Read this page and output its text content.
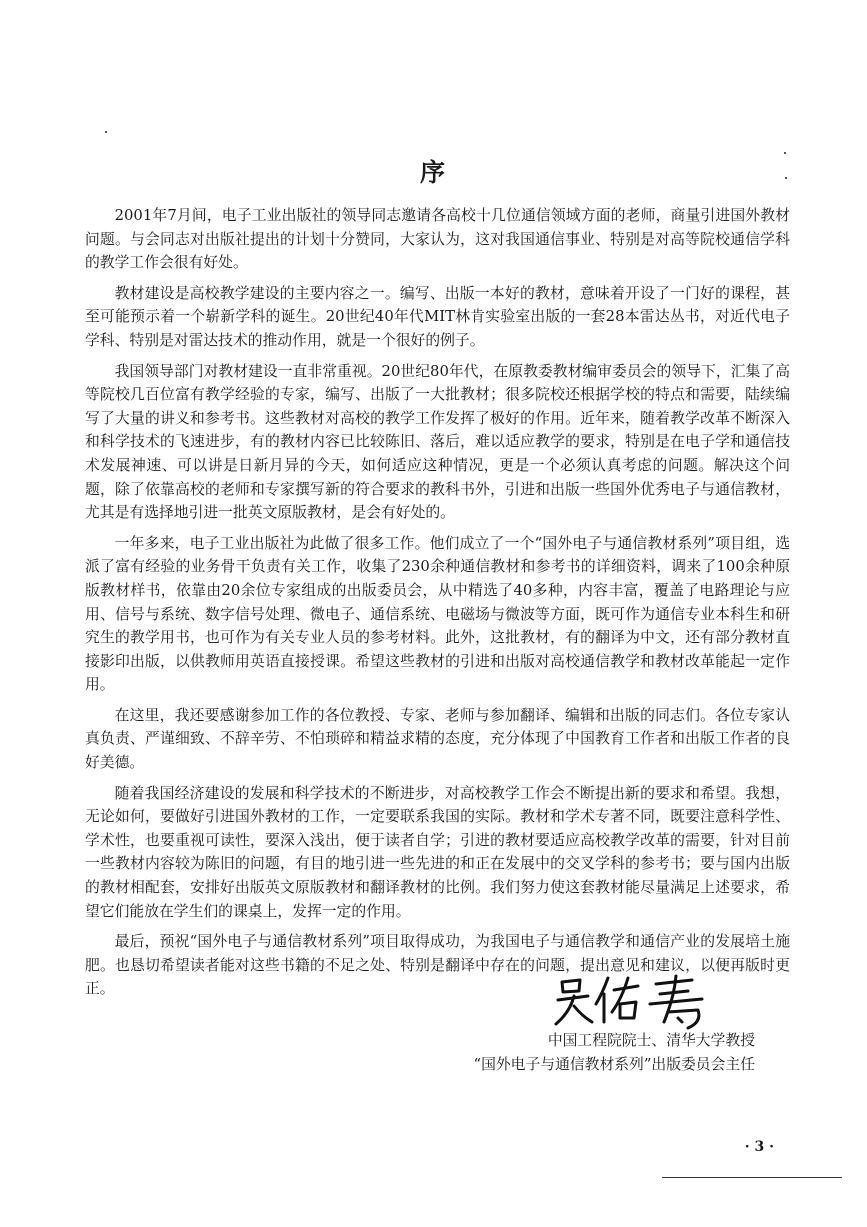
序

2001年7月间，电子工业出版社的领导同志邀请各高校十几位通信领域方面的老师，商量引进国外教材问题。与会同志对出版社提出的计划十分赞同，大家认为，这对我国通信事业、特别是对高等院校通信学科的教学工作会很有好处。

教材建设是高校教学建设的主要内容之一。编写、出版一本好的教材，意味着开设了一门好的课程，甚至可能预示着一个崭新学科的诞生。20世纪40年代MIT林肯实验室出版的一套28本雷达丛书，对近代电子学科、特别是对雷达技术的推动作用，就是一个很好的例子。

我国领导部门对教材建设一直非常重视。20世纪80年代，在原教委教材编审委员会的领导下，汇集了高等院校几百位富有教学经验的专家，编写、出版了一大批教材；很多院校还根据学校的特点和需要，陆续编写了大量的讲义和参考书。这些教材对高校的教学工作发挥了极好的作用。近年来，随着教学改革不断深入和科学技术的飞速进步，有的教材内容已比较陈旧、落后，难以适应教学的要求，特别是在电子学和通信技术发展神速、可以讲是日新月异的今天，如何适应这种情况，更是一个必须认真考虑的问题。解决这个问题，除了依靠高校的老师和专家撰写新的符合要求的教科书外，引进和出版一些国外优秀电子与通信教材，尤其是有选择地引进一批英文原版教材，是会有好处的。

一年多来，电子工业出版社为此做了很多工作。他们成立了一个“国外电子与通信教材系列”项目组，选派了富有经验的业务骨干负责有关工作，收集了230余种通信教材和参考书的详细资料，调来了100余种原版教材样书，依靠由20余位专家组成的出版委员会，从中精选了40多种，内容丰富，覆盖了电路理论与应用、信号与系统、数字信号处理、微电子、通信系统、电磁场与微波等方面，既可作为通信专业本科生和研究生的教学用书，也可作为有关专业人员的参考材料。此外，这批教材，有的翻译为中文，还有部分教材直接影印出版，以供教师用英语直接授课。希望这些教材的引进和出版对高校通信教学和教材改革能起一定作用。

在这里，我还要感谢参加工作的各位教授、专家、老师与参加翻译、编辑和出版的同志们。各位专家认真负责、严谨细致、不辞辛劳、不怕琐碎和精益求精的态度，充分体现了中国教育工作者和出版工作者的良好美德。

随着我国经济建设的发展和科学技术的不断进步，对高校教学工作会不断提出新的要求和希望。我想，无论如何，要做好引进国外教材的工作，一定要联系我国的实际。教材和学术专著不同，既要注意科学性、学术性，也要重视可读性，要深入浅出，便于读者自学；引进的教材要适应高校教学改革的需要，针对目前一些教材内容较为陈旧的问题，有目的地引进一些先进的和正在发展中的交叉学科的参考书；要与国内出版的教材相配套，安排好出版英文原版教材和翻译教材的比例。我们努力使这套教材能尽量满足上述要求，希望它们能放在学生们的课桌上，发挥一定的作用。

最后，预祝“国外电子与通信教材系列”项目取得成功，为我国电子与通信教学和通信产业的发展培土施肥。也恳切希望读者能对这些书籍的不足之处、特别是翻译中存在的问题，提出意见和建议，以便再版时更正。

中国工程院院士、清华大学教授
“国外电子与通信教材系列”出版委员会主任
· 3 ·
